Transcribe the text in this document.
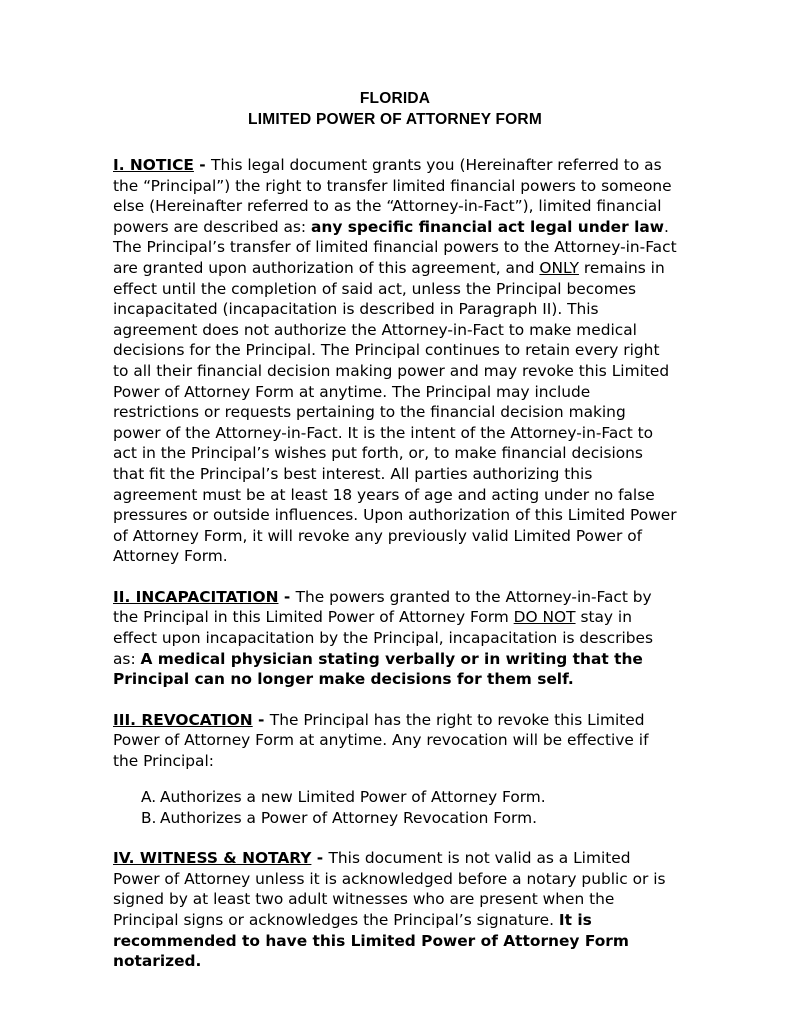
FLORIDA
LIMITED POWER OF ATTORNEY FORM

I. NOTICE - This legal document grants you (Hereinafter referred to as the “Principal”) the right to transfer limited financial powers to someone else (Hereinafter referred to as the “Attorney-in-Fact”), limited financial powers are described as: any specific financial act legal under law. The Principal’s transfer of limited financial powers to the Attorney-in-Fact are granted upon authorization of this agreement, and ONLY remains in effect until the completion of said act, unless the Principal becomes incapacitated (incapacitation is described in Paragraph II). This agreement does not authorize the Attorney-in-Fact to make medical decisions for the Principal. The Principal continues to retain every right to all their financial decision making power and may revoke this Limited Power of Attorney Form at anytime. The Principal may include restrictions or requests pertaining to the financial decision making power of the Attorney-in-Fact. It is the intent of the Attorney-in-Fact to act in the Principal’s wishes put forth, or, to make financial decisions that fit the Principal’s best interest. All parties authorizing this agreement must be at least 18 years of age and acting under no false pressures or outside influences. Upon authorization of this Limited Power of Attorney Form, it will revoke any previously valid Limited Power of Attorney Form.

II. INCAPACITATION - The powers granted to the Attorney-in-Fact by the Principal in this Limited Power of Attorney Form DO NOT stay in effect upon incapacitation by the Principal, incapacitation is describes as: A medical physician stating verbally or in writing that the Principal can no longer make decisions for them self.

III. REVOCATION - The Principal has the right to revoke this Limited Power of Attorney Form at anytime. Any revocation will be effective if the Principal:

A. Authorizes a new Limited Power of Attorney Form.
B. Authorizes a Power of Attorney Revocation Form.

IV. WITNESS & NOTARY - This document is not valid as a Limited Power of Attorney unless it is acknowledged before a notary public or is signed by at least two adult witnesses who are present when the Principal signs or acknowledges the Principal’s signature. It is recommended to have this Limited Power of Attorney Form notarized.
